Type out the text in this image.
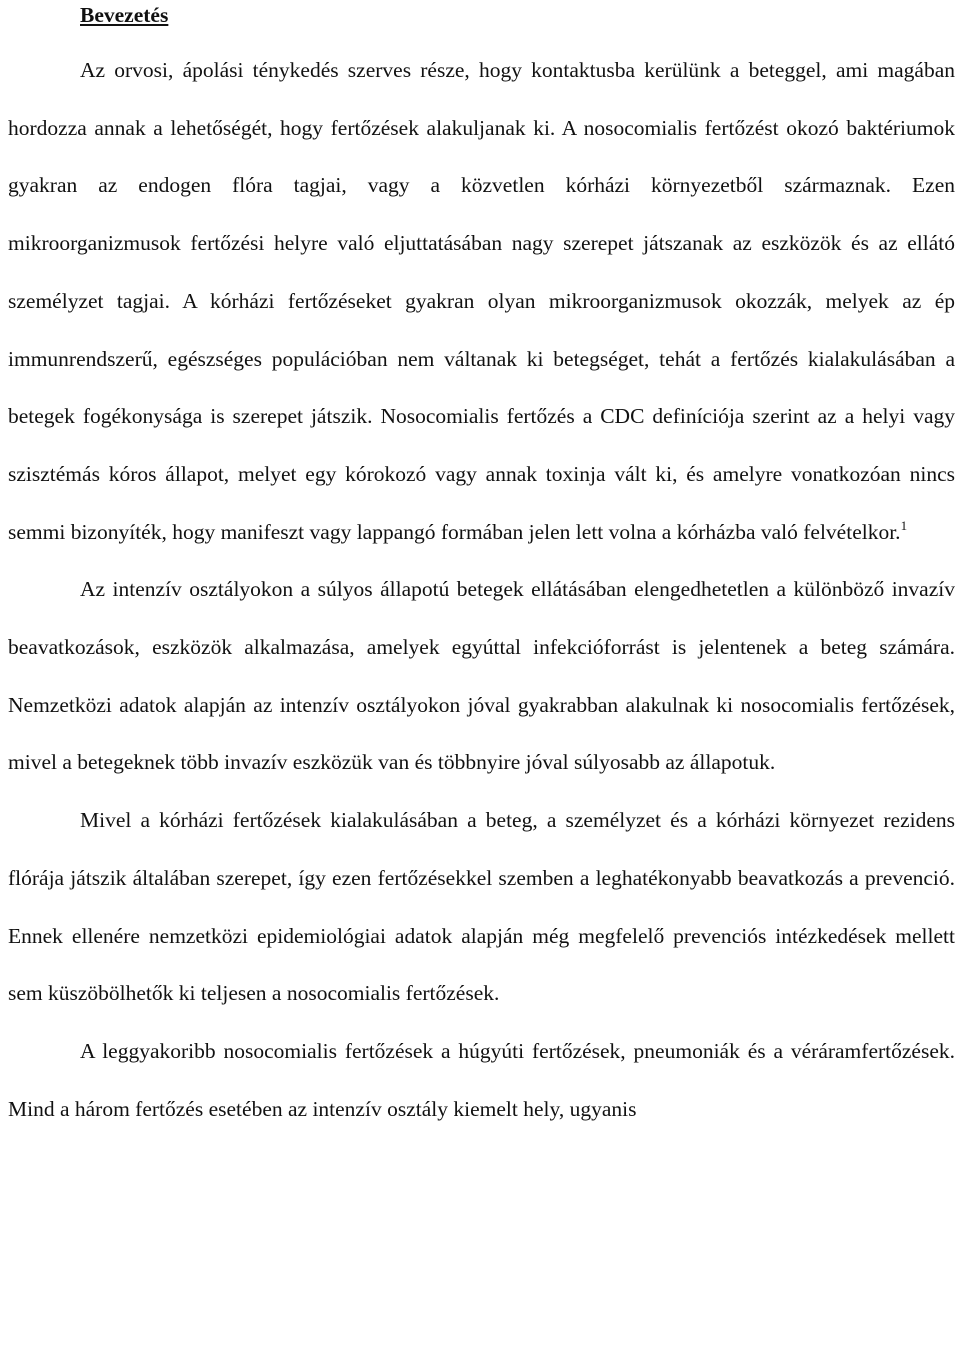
Bevezetés

Az orvosi, ápolási ténykedés szerves része, hogy kontaktusba kerülünk a beteggel, ami magában hordozza annak a lehetőségét, hogy fertőzések alakuljanak ki. A nosocomialis fertőzést okozó baktériumok gyakran az endogen flóra tagjai, vagy a közvetlen kórházi környezetből származnak. Ezen mikroorganizmusok fertőzési helyre való eljuttatásában nagy szerepet játszanak az eszközök és az ellátó személyzet tagjai. A kórházi fertőzéseket gyakran olyan mikroorganizmusok okozzák, melyek az ép immunrendszerű, egészséges populációban nem váltanak ki betegséget, tehát a fertőzés kialakulásában a betegek fogékonysága is szerepet játszik. Nosocomialis fertőzés a CDC definíciója szerint az a helyi vagy szisztémás kóros állapot, melyet egy kórokozó vagy annak toxinja vált ki, és amelyre vonatkozóan nincs semmi bizonyíték, hogy manifeszt vagy lappangó formában jelen lett volna a kórházba való felvételkor.$^1$

Az intenzív osztályokon a súlyos állapotú betegek ellátásában elengedhetetlen a különböző invazív beavatkozások, eszközök alkalmazása, amelyek egyúttal infekcióforrást is jelentenek a beteg számára. Nemzetközi adatok alapján az intenzív osztályokon jóval gyakrabban alakulnak ki nosocomialis fertőzések, mivel a betegeknek több invazív eszközük van és többnyire jóval súlyosabb az állapotuk.

Mivel a kórházi fertőzések kialakulásában a beteg, a személyzet és a kórházi környezet rezidens flórája játszik általában szerepet, így ezen fertőzésekkel szemben a leghatékonyabb beavatkozás a prevenció. Ennek ellenére nemzetközi epidemiológiai adatok alapján még megfelelő prevenciós intézkedések mellett sem küszöbölhetők ki teljesen a nosocomialis fertőzések.

A leggyakoribb nosocomialis fertőzések a húgyúti fertőzések, pneumoniák és a véráramfertőzések. Mind a három fertőzés esetében az intenzív osztály kiemelt hely, ugyanis
